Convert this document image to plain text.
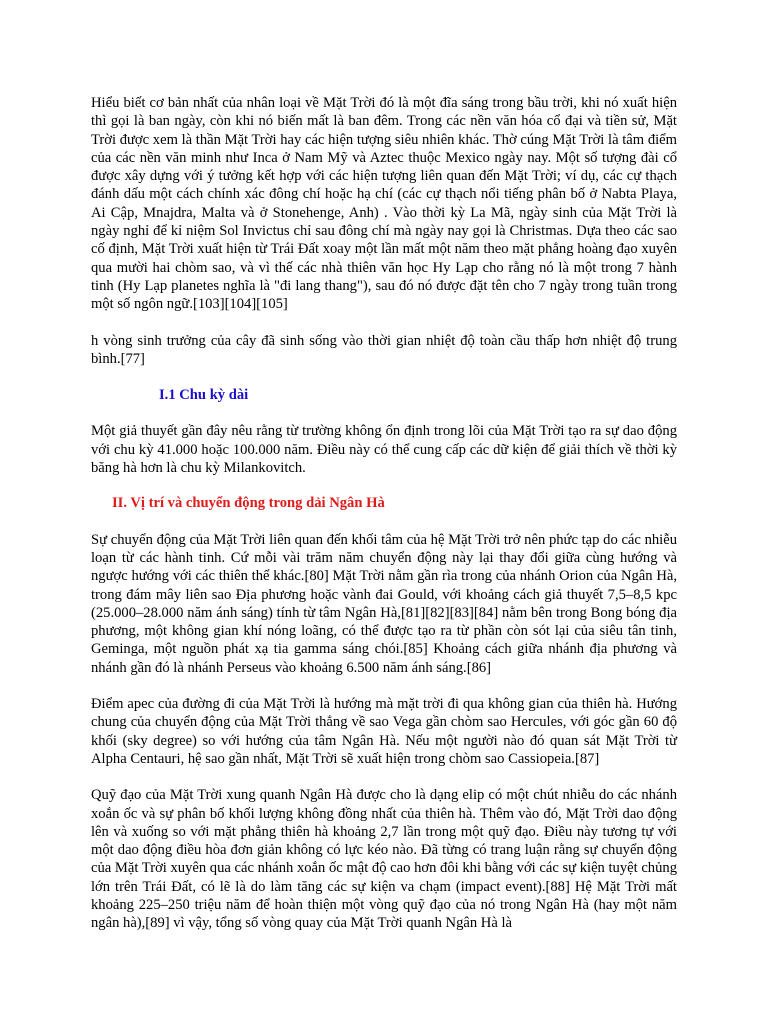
Hiểu biết cơ bản nhất của nhân loại về Mặt Trời đó là một đĩa sáng trong bầu trời, khi nó xuất hiện thì gọi là ban ngày, còn khi nó biến mất là ban đêm. Trong các nền văn hóa cổ đại và tiền sử, Mặt Trời được xem là thần Mặt Trời hay các hiện tượng siêu nhiên khác. Thờ cúng Mặt Trời là tâm điểm của các nền văn minh như Inca ở Nam Mỹ và Aztec thuộc Mexico ngày nay. Một số tượng đài cổ được xây dựng với ý tưởng kết hợp với các hiện tượng liên quan đến Mặt Trời; ví dụ, các cự thạch đánh dấu một cách chính xác đông chí hoặc hạ chí (các cự thạch nổi tiếng phân bố ở Nabta Playa, Ai Cập, Mnajdra, Malta và ở Stonehenge, Anh) . Vào thời kỳ La Mã, ngày sinh của Mặt Trời là ngày nghỉ để kỉ niệm Sol Invictus chỉ sau đông chí mà ngày nay gọi là Christmas. Dựa theo các sao cố định, Mặt Trời xuất hiện từ Trái Đất xoay một lần mất một năm theo mặt phẳng hoàng đạo xuyên qua mười hai chòm sao, và vì thế các nhà thiên văn học Hy Lạp cho rằng nó là một trong 7 hành tinh (Hy Lạp planetes nghĩa là "đi lang thang"), sau đó nó được đặt tên cho 7 ngày trong tuần trong một số ngôn ngữ.[103][104][105]

h vòng sinh trưởng của cây đã sinh sống vào thời gian nhiệt độ toàn cầu thấp hơn nhiệt độ trung bình.[77]

I.1 Chu kỳ dài

Một giả thuyết gần đây nêu rằng từ trường không ổn định trong lõi của Mặt Trời tạo ra sự dao động với chu kỳ 41.000 hoặc 100.000 năm. Điều này có thể cung cấp các dữ kiện để giải thích về thời kỳ băng hà hơn là chu kỳ Milankovitch.

II. Vị trí và chuyển động trong dải Ngân Hà

Sự chuyển động của Mặt Trời liên quan đến khối tâm của hệ Mặt Trời trở nên phức tạp do các nhiễu loạn từ các hành tinh. Cứ mỗi vài trăm năm chuyển động này lại thay đổi giữa cùng hướng và ngược hướng với các thiên thể khác.[80] Mặt Trời nằm gần rìa trong của nhánh Orion của Ngân Hà, trong đám mây liên sao Địa phương hoặc vành đai Gould, với khoảng cách giả thuyết 7,5–8,5 kpc (25.000–28.000 năm ánh sáng) tính từ tâm Ngân Hà,[81][82][83][84] nằm bên trong Bong bóng địa phương, một không gian khí nóng loãng, có thể được tạo ra từ phần còn sót lại của siêu tân tinh, Geminga, một nguồn phát xạ tia gamma sáng chói.[85] Khoảng cách giữa nhánh địa phương và nhánh gần đó là nhánh Perseus vào khoảng 6.500 năm ánh sáng.[86]

Điểm apec của đường đi của Mặt Trời là hướng mà mặt trời đi qua không gian của thiên hà. Hướng chung của chuyển động của Mặt Trời thẳng về sao Vega gần chòm sao Hercules, với góc gần 60 độ khối (sky degree) so với hướng của tâm Ngân Hà. Nếu một người nào đó quan sát Mặt Trời từ Alpha Centauri, hệ sao gần nhất, Mặt Trời sẽ xuất hiện trong chòm sao Cassiopeia.[87]

Quỹ đạo của Mặt Trời xung quanh Ngân Hà được cho là dạng elip có một chút nhiễu do các nhánh xoắn ốc và sự phân bố khối lượng không đồng nhất của thiên hà. Thêm vào đó, Mặt Trời dao động lên và xuống so với mặt phẳng thiên hà khoảng 2,7 lần trong một quỹ đạo. Điều này tương tự với một dao động điều hòa đơn giản không có lực kéo nào. Đã từng có trang luận rằng sự chuyển động của Mặt Trời xuyên qua các nhánh xoắn ốc mật độ cao hơn đôi khi bằng với các sự kiện tuyệt chủng lớn trên Trái Đất, có lẽ là do làm tăng các sự kiện va chạm (impact event).[88] Hệ Mặt Trời mất khoảng 225–250 triệu năm để hoàn thiện một vòng quỹ đạo của nó trong Ngân Hà (hay một năm ngân hà),[89] vì vậy, tổng số vòng quay của Mặt Trời quanh Ngân Hà là
